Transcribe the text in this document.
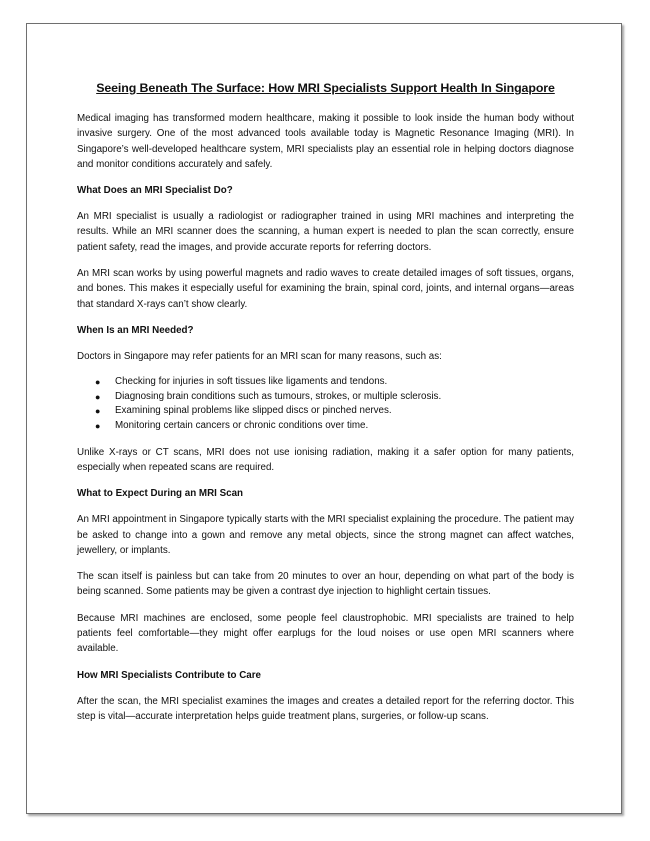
Seeing Beneath The Surface: How MRI Specialists Support Health In Singapore

Medical imaging has transformed modern healthcare, making it possible to look inside the human body without invasive surgery. One of the most advanced tools available today is Magnetic Resonance Imaging (MRI). In Singapore’s well-developed healthcare system, MRI specialists play an essential role in helping doctors diagnose and monitor conditions accurately and safely.

What Does an MRI Specialist Do?

An MRI specialist is usually a radiologist or radiographer trained in using MRI machines and interpreting the results. While an MRI scanner does the scanning, a human expert is needed to plan the scan correctly, ensure patient safety, read the images, and provide accurate reports for referring doctors.

An MRI scan works by using powerful magnets and radio waves to create detailed images of soft tissues, organs, and bones. This makes it especially useful for examining the brain, spinal cord, joints, and internal organs—areas that standard X-rays can’t show clearly.

When Is an MRI Needed?

Doctors in Singapore may refer patients for an MRI scan for many reasons, such as:

● Checking for injuries in soft tissues like ligaments and tendons.
● Diagnosing brain conditions such as tumours, strokes, or multiple sclerosis.
● Examining spinal problems like slipped discs or pinched nerves.
● Monitoring certain cancers or chronic conditions over time.

Unlike X-rays or CT scans, MRI does not use ionising radiation, making it a safer option for many patients, especially when repeated scans are required.

What to Expect During an MRI Scan

An MRI appointment in Singapore typically starts with the MRI specialist explaining the procedure. The patient may be asked to change into a gown and remove any metal objects, since the strong magnet can affect watches, jewellery, or implants.

The scan itself is painless but can take from 20 minutes to over an hour, depending on what part of the body is being scanned. Some patients may be given a contrast dye injection to highlight certain tissues.

Because MRI machines are enclosed, some people feel claustrophobic. MRI specialists are trained to help patients feel comfortable—they might offer earplugs for the loud noises or use open MRI scanners where available.

How MRI Specialists Contribute to Care

After the scan, the MRI specialist examines the images and creates a detailed report for the referring doctor. This step is vital—accurate interpretation helps guide treatment plans, surgeries, or follow-up scans.
